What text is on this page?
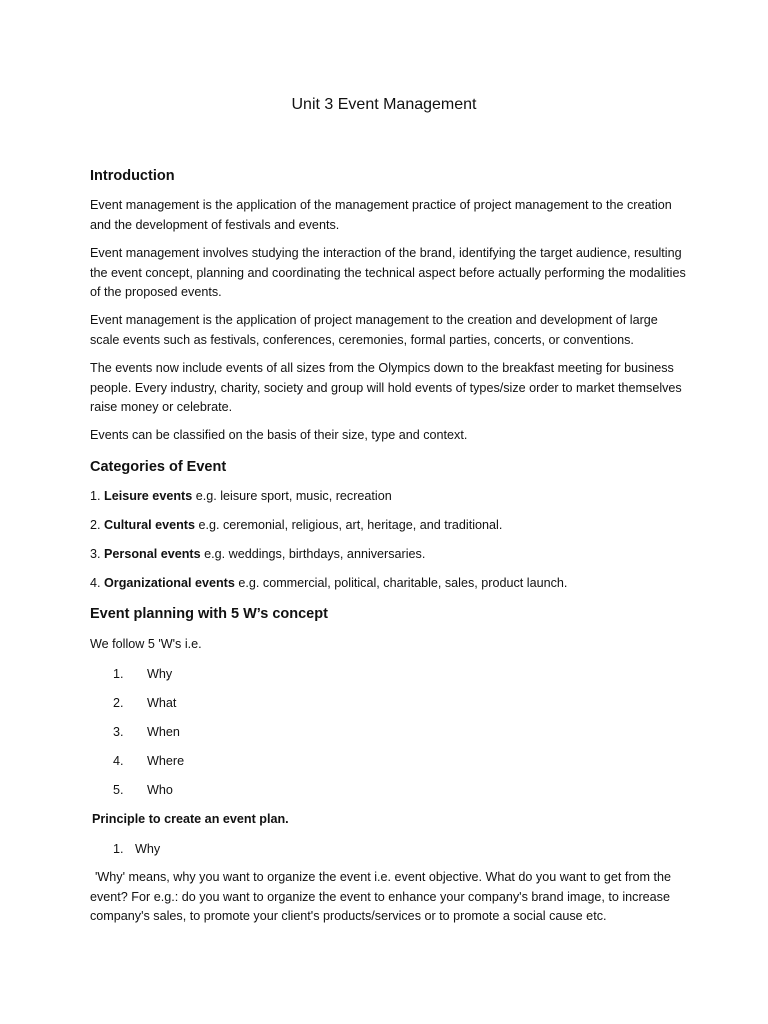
Unit 3 Event Management
Introduction

Event management is the application of the management practice of project management to the creation and the development of festivals and events.

Event management involves studying the interaction of the brand, identifying the target audience, resulting the event concept, planning and coordinating the technical aspect before actually performing the modalities of the proposed events.

Event management is the application of project management to the creation and development of large scale events such as festivals, conferences, ceremonies, formal parties, concerts, or conventions.

The events now include events of all sizes from the Olympics down to the breakfast meeting for business people. Every industry, charity, society and group will hold events of types/size order to market themselves raise money or celebrate.

Events can be classified on the basis of their size, type and context.

Categories of Event

1. Leisure events e.g. leisure sport, music, recreation

2. Cultural events e.g. ceremonial, religious, art, heritage, and traditional.

3. Personal events e.g. weddings, birthdays, anniversaries.

4. Organizational events e.g. commercial, political, charitable, sales, product launch.

Event planning with 5 W’s concept

We follow 5 'W's i.e.

1. Why
2. What
3. When
4. Where
5. Who

Principle to create an event plan.

1. Why

'Why' means, why you want to organize the event i.e. event objective. What do you want to get from the event? For e.g.: do you want to organize the event to enhance your company's brand image, to increase company's sales, to promote your client's products/services or to promote a social cause etc.
